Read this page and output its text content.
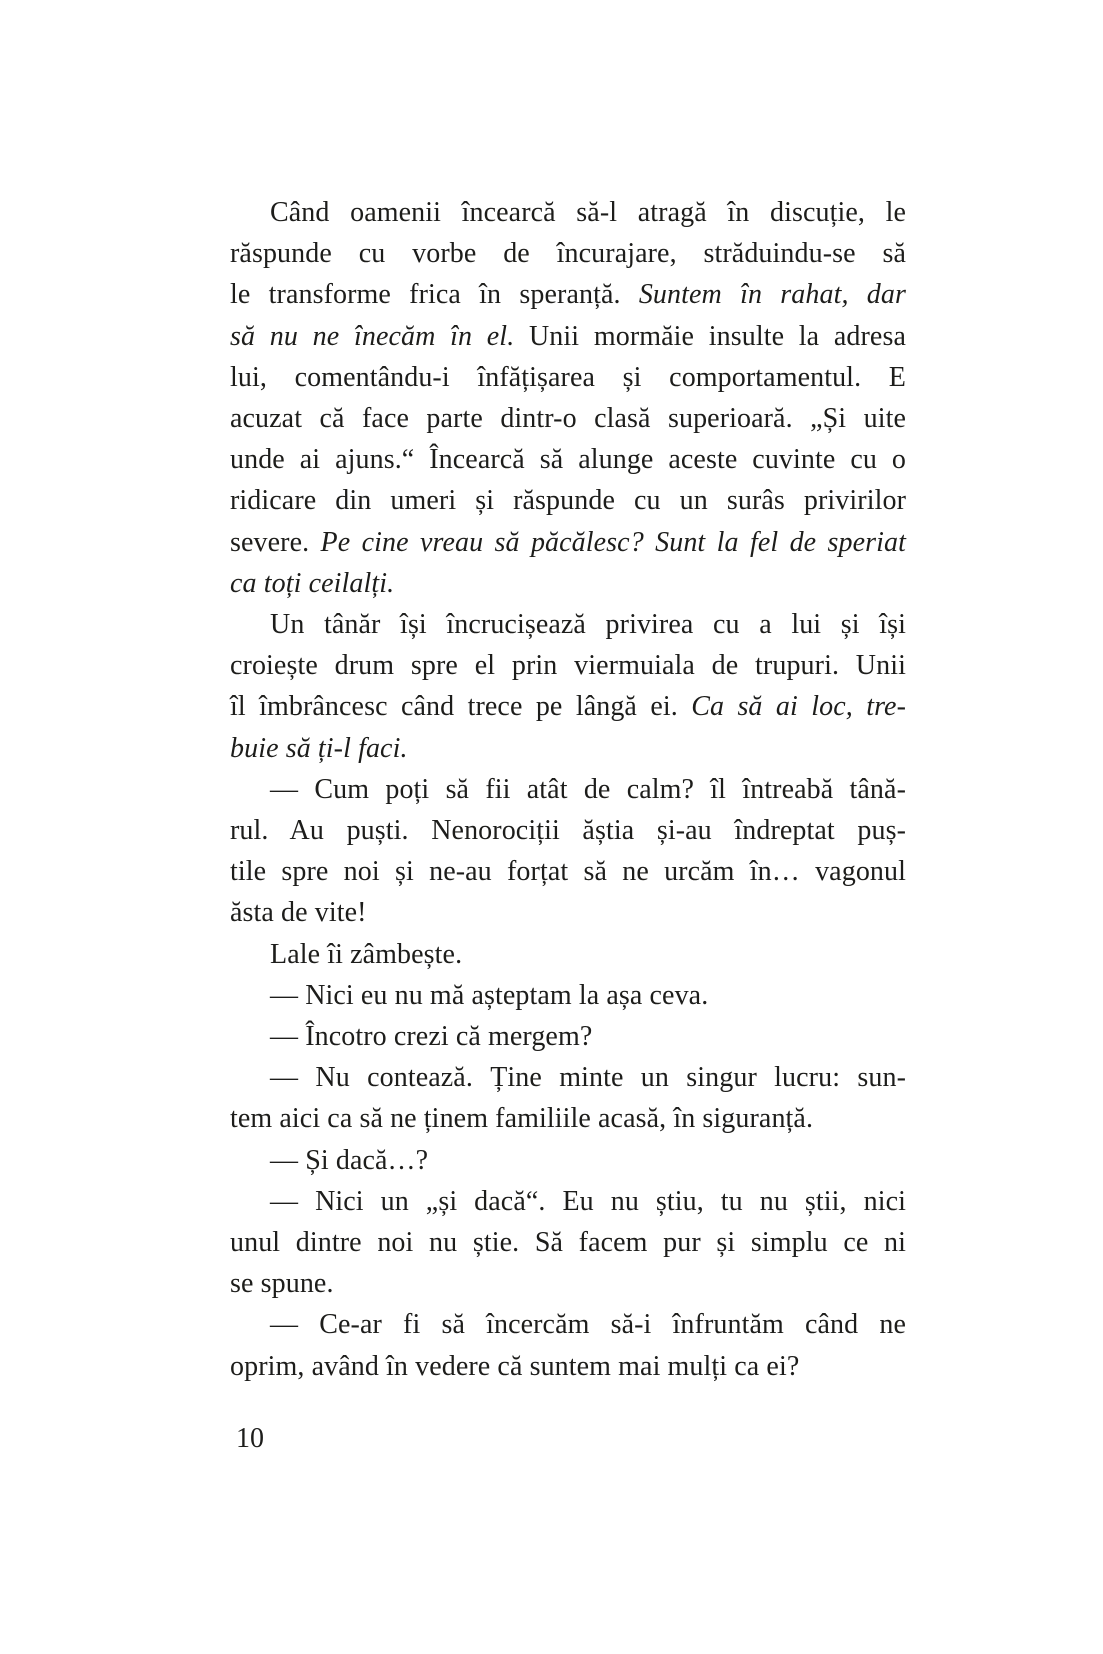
Când oamenii încearcă să-l atragă în discuție, le
răspunde cu vorbe de încurajare, străduindu-se să
le transforme frica în speranță. Suntem în rahat, dar
să nu ne înecăm în el. Unii mormăie insulte la adresa
lui, comentându-i înfățișarea și comportamentul. E
acuzat că face parte dintr-o clasă superioară. „Și uite
unde ai ajuns.“ Încearcă să alunge aceste cuvinte cu o
ridicare din umeri și răspunde cu un surâs privirilor
severe. Pe cine vreau să păcălesc? Sunt la fel de speriat
ca toți ceilalți.
Un tânăr își încrucișează privirea cu a lui și își
croiește drum spre el prin viermuiala de trupuri. Unii
îl îmbrâncesc când trece pe lângă ei. Ca să ai loc, tre-
buie să ți-l faci.
— Cum poți să fii atât de calm? îl întreabă tână-
rul. Au puști. Nenorociții ăștia și-au îndreptat puș-
tile spre noi și ne-au forțat să ne urcăm în… vagonul
ăsta de vite!
Lale îi zâmbește.
— Nici eu nu mă așteptam la așa ceva.
— Încotro crezi că mergem?
— Nu contează. Ține minte un singur lucru: sun-
tem aici ca să ne ținem familiile acasă, în siguranță.
— Și dacă…?
— Nici un „și dacă“. Eu nu știu, tu nu știi, nici
unul dintre noi nu știe. Să facem pur și simplu ce ni
se spune.
— Ce-ar fi să încercăm să-i înfruntăm când ne
oprim, având în vedere că suntem mai mulți ca ei?
10
